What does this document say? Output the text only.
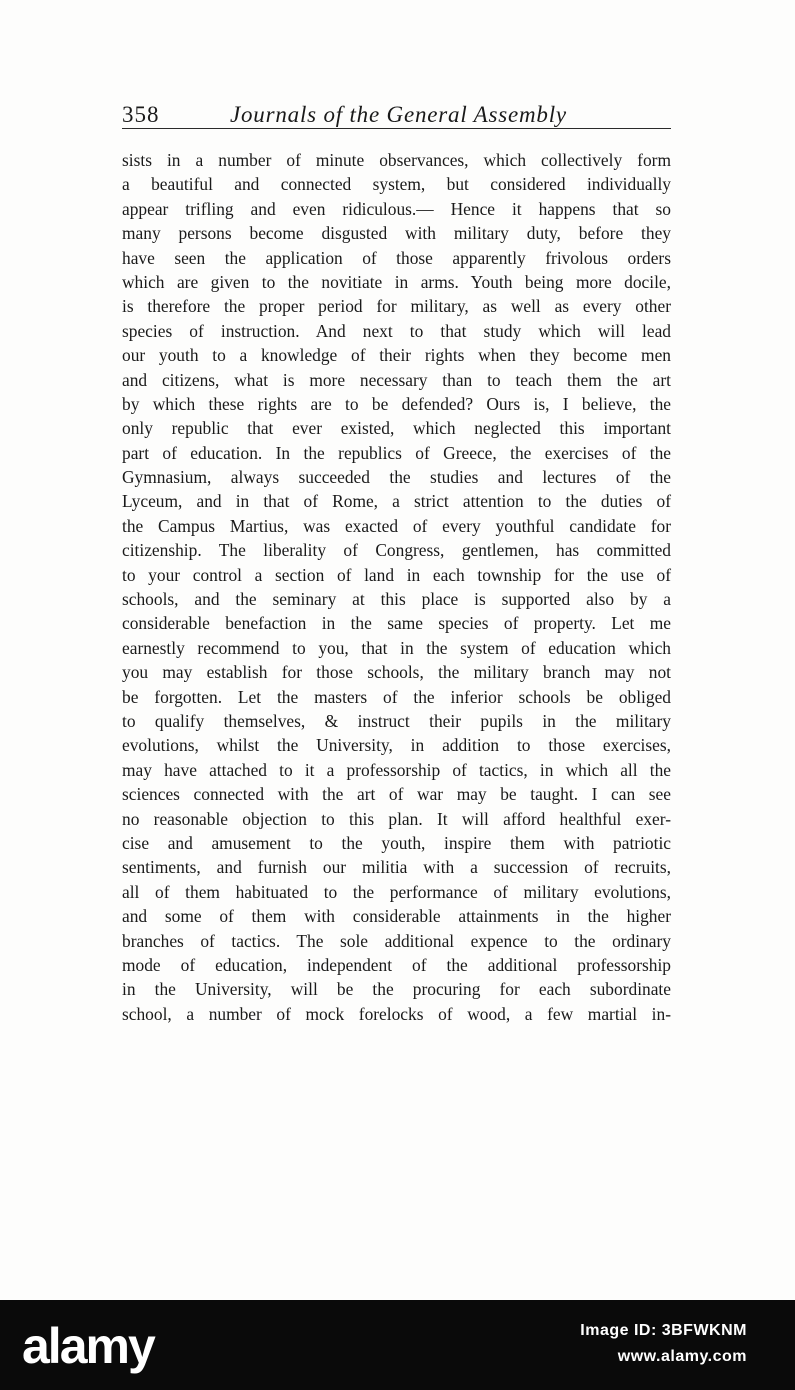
358	Journals of the General Assembly
sists in a number of minute observances, which collectively form
a beautiful and connected system, but considered individually
appear trifling and even ridiculous.— Hence it happens that so
many persons become disgusted with military duty, before they
have seen the application of those apparently frivolous orders
which are given to the novitiate in arms. Youth being more docile,
is therefore the proper period for military, as well as every other
species of instruction. And next to that study which will lead
our youth to a knowledge of their rights when they become men
and citizens, what is more necessary than to teach them the art
by which these rights are to be defended? Ours is, I believe, the
only republic that ever existed, which neglected this important
part of education. In the republics of Greece, the exercises of the
Gymnasium, always succeeded the studies and lectures of the
Lyceum, and in that of Rome, a strict attention to the duties of
the Campus Martius, was exacted of every youthful candidate for
citizenship. The liberality of Congress, gentlemen, has committed
to your control a section of land in each township for the use of
schools, and the seminary at this place is supported also by a
considerable benefaction in the same species of property. Let me
earnestly recommend to you, that in the system of education which
you may establish for those schools, the military branch may not
be forgotten. Let the masters of the inferior schools be obliged
to qualify themselves, & instruct their pupils in the military
evolutions, whilst the University, in addition to those exercises,
may have attached to it a professorship of tactics, in which all the
sciences connected with the art of war may be taught. I can see
no reasonable objection to this plan. It will afford healthful exer-
cise and amusement to the youth, inspire them with patriotic
sentiments, and furnish our militia with a succession of recruits,
all of them habituated to the performance of military evolutions,
and some of them with considerable attainments in the higher
branches of tactics. The sole additional expence to the ordinary
mode of education, independent of the additional professorship
in the University, will be the procuring for each subordinate
school, a number of mock forelocks of wood, a few martial in-
alamy	Image ID: 3BFWKNM
www.alamy.com
